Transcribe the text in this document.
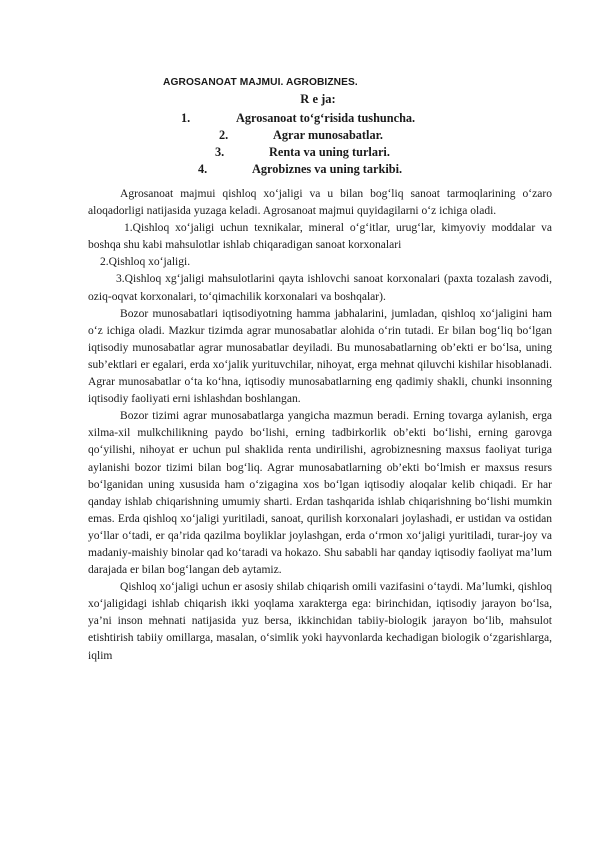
AGROSANOAT MAJMUI. AGROBIZNES.
R e ja:
1.	Agrosanoat to‘g‘risida tushuncha.
2.	Agrar munosabatlar.
3.	Renta va uning turlari.
4.	Agrobiznes va uning tarkibi.

Agrosanoat majmui qishloq xo‘jaligi va u bilan bog‘liq sanoat tarmoqlarining o‘zaro aloqadorligi natijasida yuzaga keladi. Agrosanoat majmui quyidagilarni o‘z ichiga oladi.

1.Qishloq xo‘jaligi uchun texnikalar, mineral o‘g‘itlar, urug‘lar, kimyoviy moddalar va boshqa shu kabi mahsulotlar ishlab chiqaradigan sanoat korxonalari

2.Qishloq xo‘jaligi.

3.Qishloq xg‘jaligi mahsulotlarini qayta ishlovchi sanoat korxonalari (paxta tozalash zavodi, oziq-oqvat korxonalari, to‘qimachilik korxonalari va boshqalar).

Bozor munosabatlari iqtisodiyotning hamma jabhalarini, jumladan, qishloq xo‘jaligini ham o‘z ichiga oladi. Mazkur tizimda agrar munosabatlar alohida o‘rin tutadi. Er bilan bog‘liq bo‘lgan iqtisodiy munosabatlar agrar munosabatlar deyiladi. Bu munosabatlarning ob’ekti er bo‘lsa, uning sub’ektlari er egalari, erda xo‘jalik yurituvchilar, nihoyat, erga mehnat qiluvchi kishilar hisoblanadi. Agrar munosabatlar o‘ta ko‘hna, iqtisodiy munosabatlarning eng qadimiy shakli, chunki insonning iqtisodiy faoliyati erni ishlashdan boshlangan.

Bozor tizimi agrar munosabatlarga yangicha mazmun beradi. Erning tovarga aylanish, erga xilma-xil mulkchilikning paydo bo‘lishi, erning tadbirkorlik ob’ekti bo‘lishi, erning garovga qo‘yilishi, nihoyat er uchun pul shaklida renta undirilishi, agrobiznesning maxsus faoliyat turiga aylanishi bozor tizimi bilan bog‘liq. Agrar munosabatlarning ob’ekti bo‘lmish er maxsus resurs bo‘lganidan uning xususida ham o‘zigagina xos bo‘lgan iqtisodiy aloqalar kelib chiqadi. Er har qanday ishlab chiqarishning umumiy sharti. Erdan tashqarida ishlab chiqarishning bo‘lishi mumkin emas. Erda qishloq xo‘jaligi yuritiladi, sanoat, qurilish korxonalari joylashadi, er ustidan va ostidan yo‘llar o‘tadi, er qa’rida qazilma boyliklar joylashgan, erda o‘rmon xo‘jaligi yuritiladi, turar-joy va madaniy-maishiy binolar qad ko‘taradi va hokazo. Shu sababli har qanday iqtisodiy faoliyat ma’lum darajada er bilan bog‘langan deb aytamiz.

Qishloq xo‘jaligi uchun er asosiy shilab chiqarish omili vazifasini o‘taydi. Ma’lumki, qishloq xo‘jaligidagi ishlab chiqarish ikki yoqlama xarakterga ega: birinchidan, iqtisodiy jarayon bo‘lsa, ya’ni inson mehnati natijasida yuz bersa, ikkinchidan tabiiy-biologik jarayon bo‘lib, mahsulot etishtirish tabiiy omillarga, masalan, o‘simlik yoki hayvonlarda kechadigan biologik o‘zgarishlarga, iqlim
